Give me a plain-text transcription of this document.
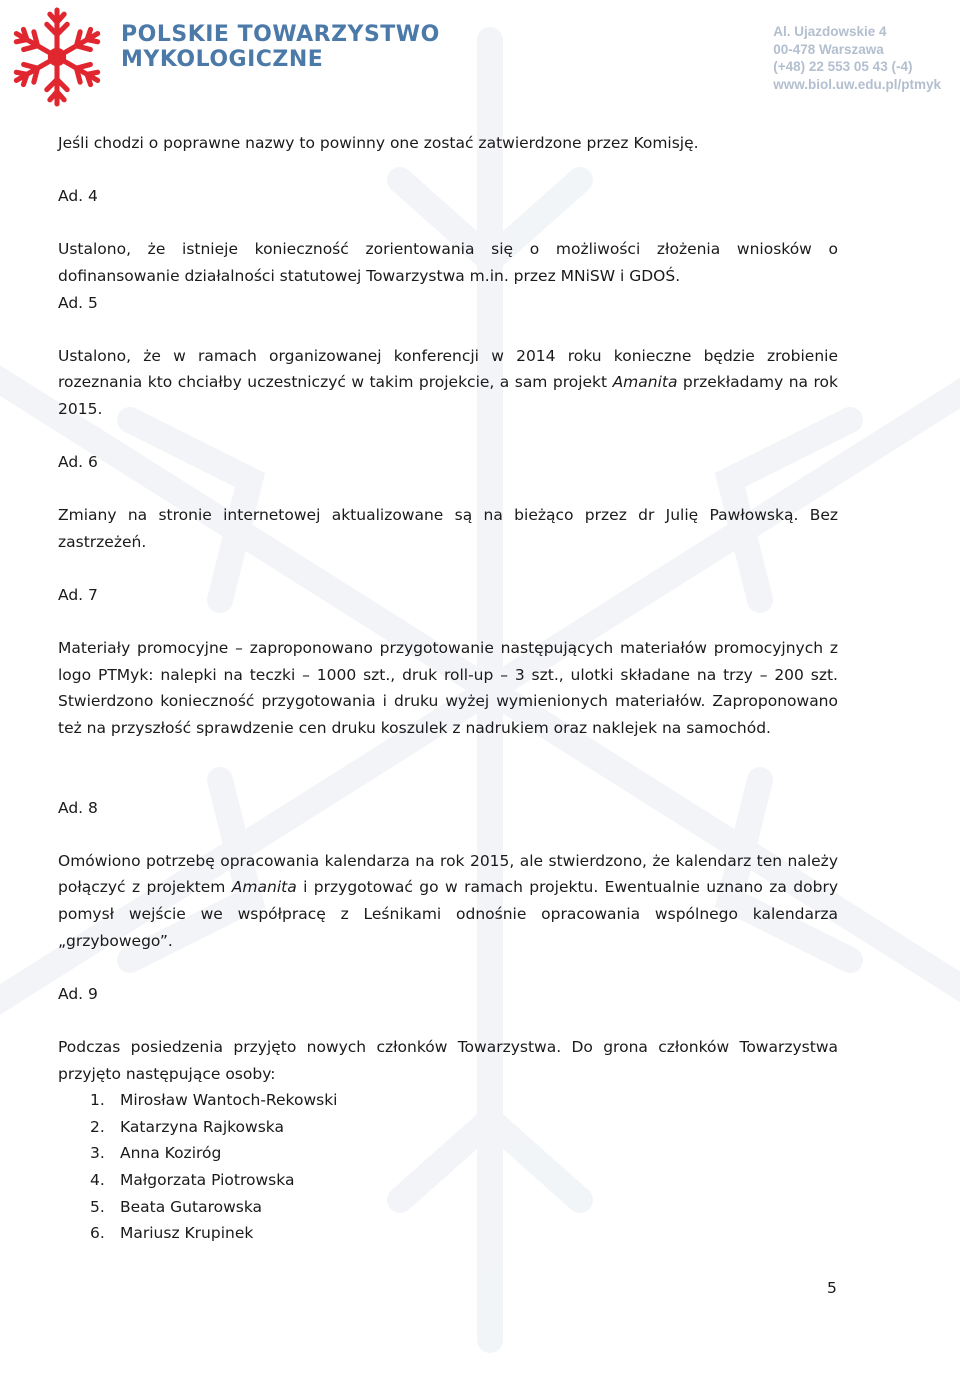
POLSKIE TOWARZYSTWO
MYKOLOGICZNE
Al. Ujazdowskie 4
00-478 Warszawa
(+48) 22 553 05 43 (-4)
www.biol.uw.edu.pl/ptmyk

Jeśli chodzi o poprawne nazwy to powinny one zostać zatwierdzone przez Komisję.

Ad. 4

Ustalono, że istnieje konieczność zorientowania się o możliwości złożenia wniosków o dofinansowanie działalności statutowej Towarzystwa m.in. przez MNiSW i GDOŚ.

Ad. 5

Ustalono, że w ramach organizowanej konferencji w 2014 roku konieczne będzie zrobienie rozeznania kto chciałby uczestniczyć w takim projekcie, a sam projekt Amanita przekładamy na rok 2015.

Ad. 6

Zmiany na stronie internetowej aktualizowane są na bieżąco przez dr Julię Pawłowską. Bez zastrzeżeń.

Ad. 7

Materiały promocyjne – zaproponowano przygotowanie następujących materiałów promocyjnych z logo PTMyk: nalepki na teczki – 1000 szt., druk roll-up – 3 szt., ulotki składane na trzy – 200 szt. Stwierdzono konieczność przygotowania i druku wyżej wymienionych materiałów. Zaproponowano też na przyszłość sprawdzenie cen druku koszulek z nadrukiem oraz naklejek na samochód.

Ad. 8

Omówiono potrzebę opracowania kalendarza na rok 2015, ale stwierdzono, że kalendarz ten należy połączyć z projektem Amanita i przygotować go w ramach projektu. Ewentualnie uznano za dobry pomysł wejście we współpracę z Leśnikami odnośnie opracowania wspólnego kalendarza „grzybowego”.

Ad. 9

Podczas posiedzenia przyjęto nowych członków Towarzystwa. Do grona członków Towarzystwa przyjęto następujące osoby:

1. Mirosław Wantoch-Rekowski
2. Katarzyna Rajkowska
3. Anna Koziróg
4. Małgorzata Piotrowska
5. Beata Gutarowska
6. Mariusz Krupinek
5
